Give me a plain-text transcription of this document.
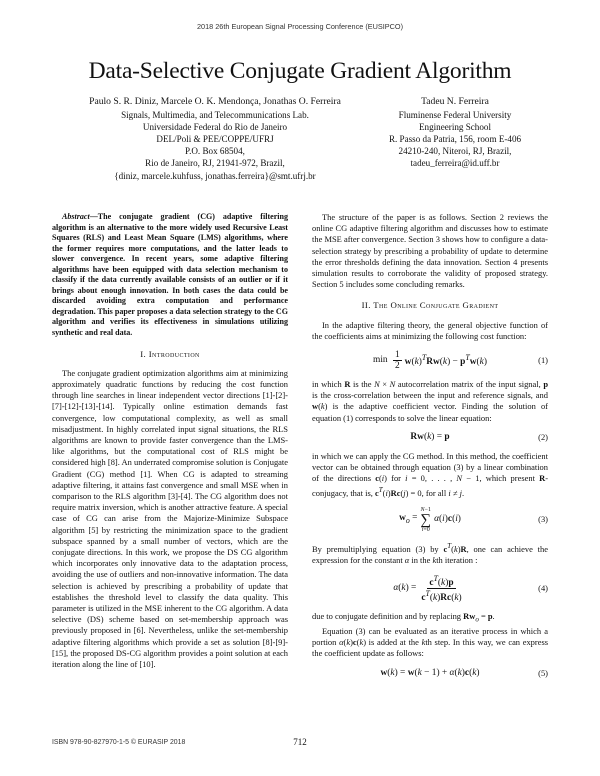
2018 26th European Signal Processing Conference (EUSIPCO)
Data-Selective Conjugate Gradient Algorithm
Paulo S. R. Diniz, Marcele O. K. Mendonça, Jonathas O. Ferreira
Signals, Multimedia, and Telecommunications Lab.
Universidade Federal do Rio de Janeiro
DEL/Poli & PEE/COPPE/UFRJ
P.O. Box 68504,
Rio de Janeiro, RJ, 21941-972, Brazil,
{diniz, marcele.kuhfuss, jonathas.ferreira}@smt.ufrj.br
Tadeu N. Ferreira
Fluminense Federal University
Engineering School
R. Passo da Patria, 156, room E-406
24210-240, Niteroi, RJ, Brazil,
tadeu_ferreira@id.uff.br
Abstract—The conjugate gradient (CG) adaptive filtering algorithm is an alternative to the more widely used Recursive Least Squares (RLS) and Least Mean Square (LMS) algorithms, where the former requires more computations, and the latter leads to slower convergence. In recent years, some adaptive filtering algorithms have been equipped with data selection mechanism to classify if the data currently available consists of an outlier or if it brings about enough innovation. In both cases the data could be discarded avoiding extra computation and performance degradation. This paper proposes a data selection strategy to the CG algorithm and verifies its effectiveness in simulations utilizing synthetic and real data.
I. Introduction

The conjugate gradient optimization algorithms aim at minimizing approximately quadratic functions by reducing the cost function through line searches in linear independent vector directions [1]-[2]-[7]-[12]-[13]-[14]. Typically online estimation demands fast convergence, low computational complexity, as well as small misadjustment. In highly correlated input signal situations, the RLS algorithms are known to provide faster convergence than the LMS-like algorithms, but the computational cost of RLS might be considered high [8]. An underrated compromise solution is Conjugate Gradient (CG) method [1]. When CG is adapted to streaming adaptive filtering, it attains fast convergence and small MSE when in comparison to the RLS algorithm [3]-[4]. The CG algorithm does not require matrix inversion, which is another attractive feature. A special case of CG can arise from the Majorize-Minimize Subspace algorithm [5] by restricting the minimization space to the gradient subspace spanned by a small number of vectors, which are the conjugate directions. In this work, we propose the DS CG algorithm which incorporates only innovative data to the adaptation process, avoiding the use of outliers and non-innovative information. The data selection is achieved by prescribing a probability of update that establishes the threshold level to classify the data quality. This parameter is utilized in the MSE inherent to the CG algorithm. A data selective (DS) scheme based on set-membership approach was previously proposed in [6]. Nevertheless, unlike the set-membership adaptive filtering algorithms which provide a set as solution [8]-[9]-[15], the proposed DS-CG algorithm provides a point solution at each iteration along the line of [10].

The structure of the paper is as follows. Section 2 reviews the online CG adaptive filtering algorithm and discusses how to estimate the MSE after convergence. Section 3 shows how to configure a data-selection strategy by prescribing a probability of update to determine the error thresholds defining the data innovation. Section 4 presents simulation results to corroborate the validity of proposed strategy. Section 5 includes some concluding remarks.

II. The Online Conjugate Gradient

In the adaptive filtering theory, the general objective function of the coefficients aims at minimizing the following cost function:

$\min \frac{1}{2} w(k)^TRw(k) - p^Tw(k)$	(1)

in which R is the N × N autocorrelation matrix of the input signal, p is the cross-correlation between the input and reference signals, and w(k) is the adaptive coefficient vector. Finding the solution of equation (1) corresponds to solve the linear equation:

Rw(k) = p	(2)

in which we can apply the CG method. In this method, the coefficient vector can be obtained through equation (3) by a linear combination of the directions c(i) for i = 0, . . . , N − 1, which present R-conjugacy, that is, $c^T(i)Rc(j) = 0$, for all i ≠ j.

$w_o$ =
N−1
∑
i=0
α(i)c(i)	(3)

By premultiplying equation (3) by $c^T(k)R$, one can achieve the expression for the constant α in the kth iteration :

$\alpha(k) = \frac{c^T(k)p}{c^T(k)Rc(k)}$	(4)

due to conjugate definition and by replacing $Rw_o = p$.

Equation (3) can be evaluated as an iterative process in which a portion α(k)c(k) is added at the kth step. In this way, we can express the coefficient update as follows:

w(k) = w(k − 1) + α(k)c(k)	(5)
ISBN 978-90-827970-1-5 © EURASIP 2018	712
